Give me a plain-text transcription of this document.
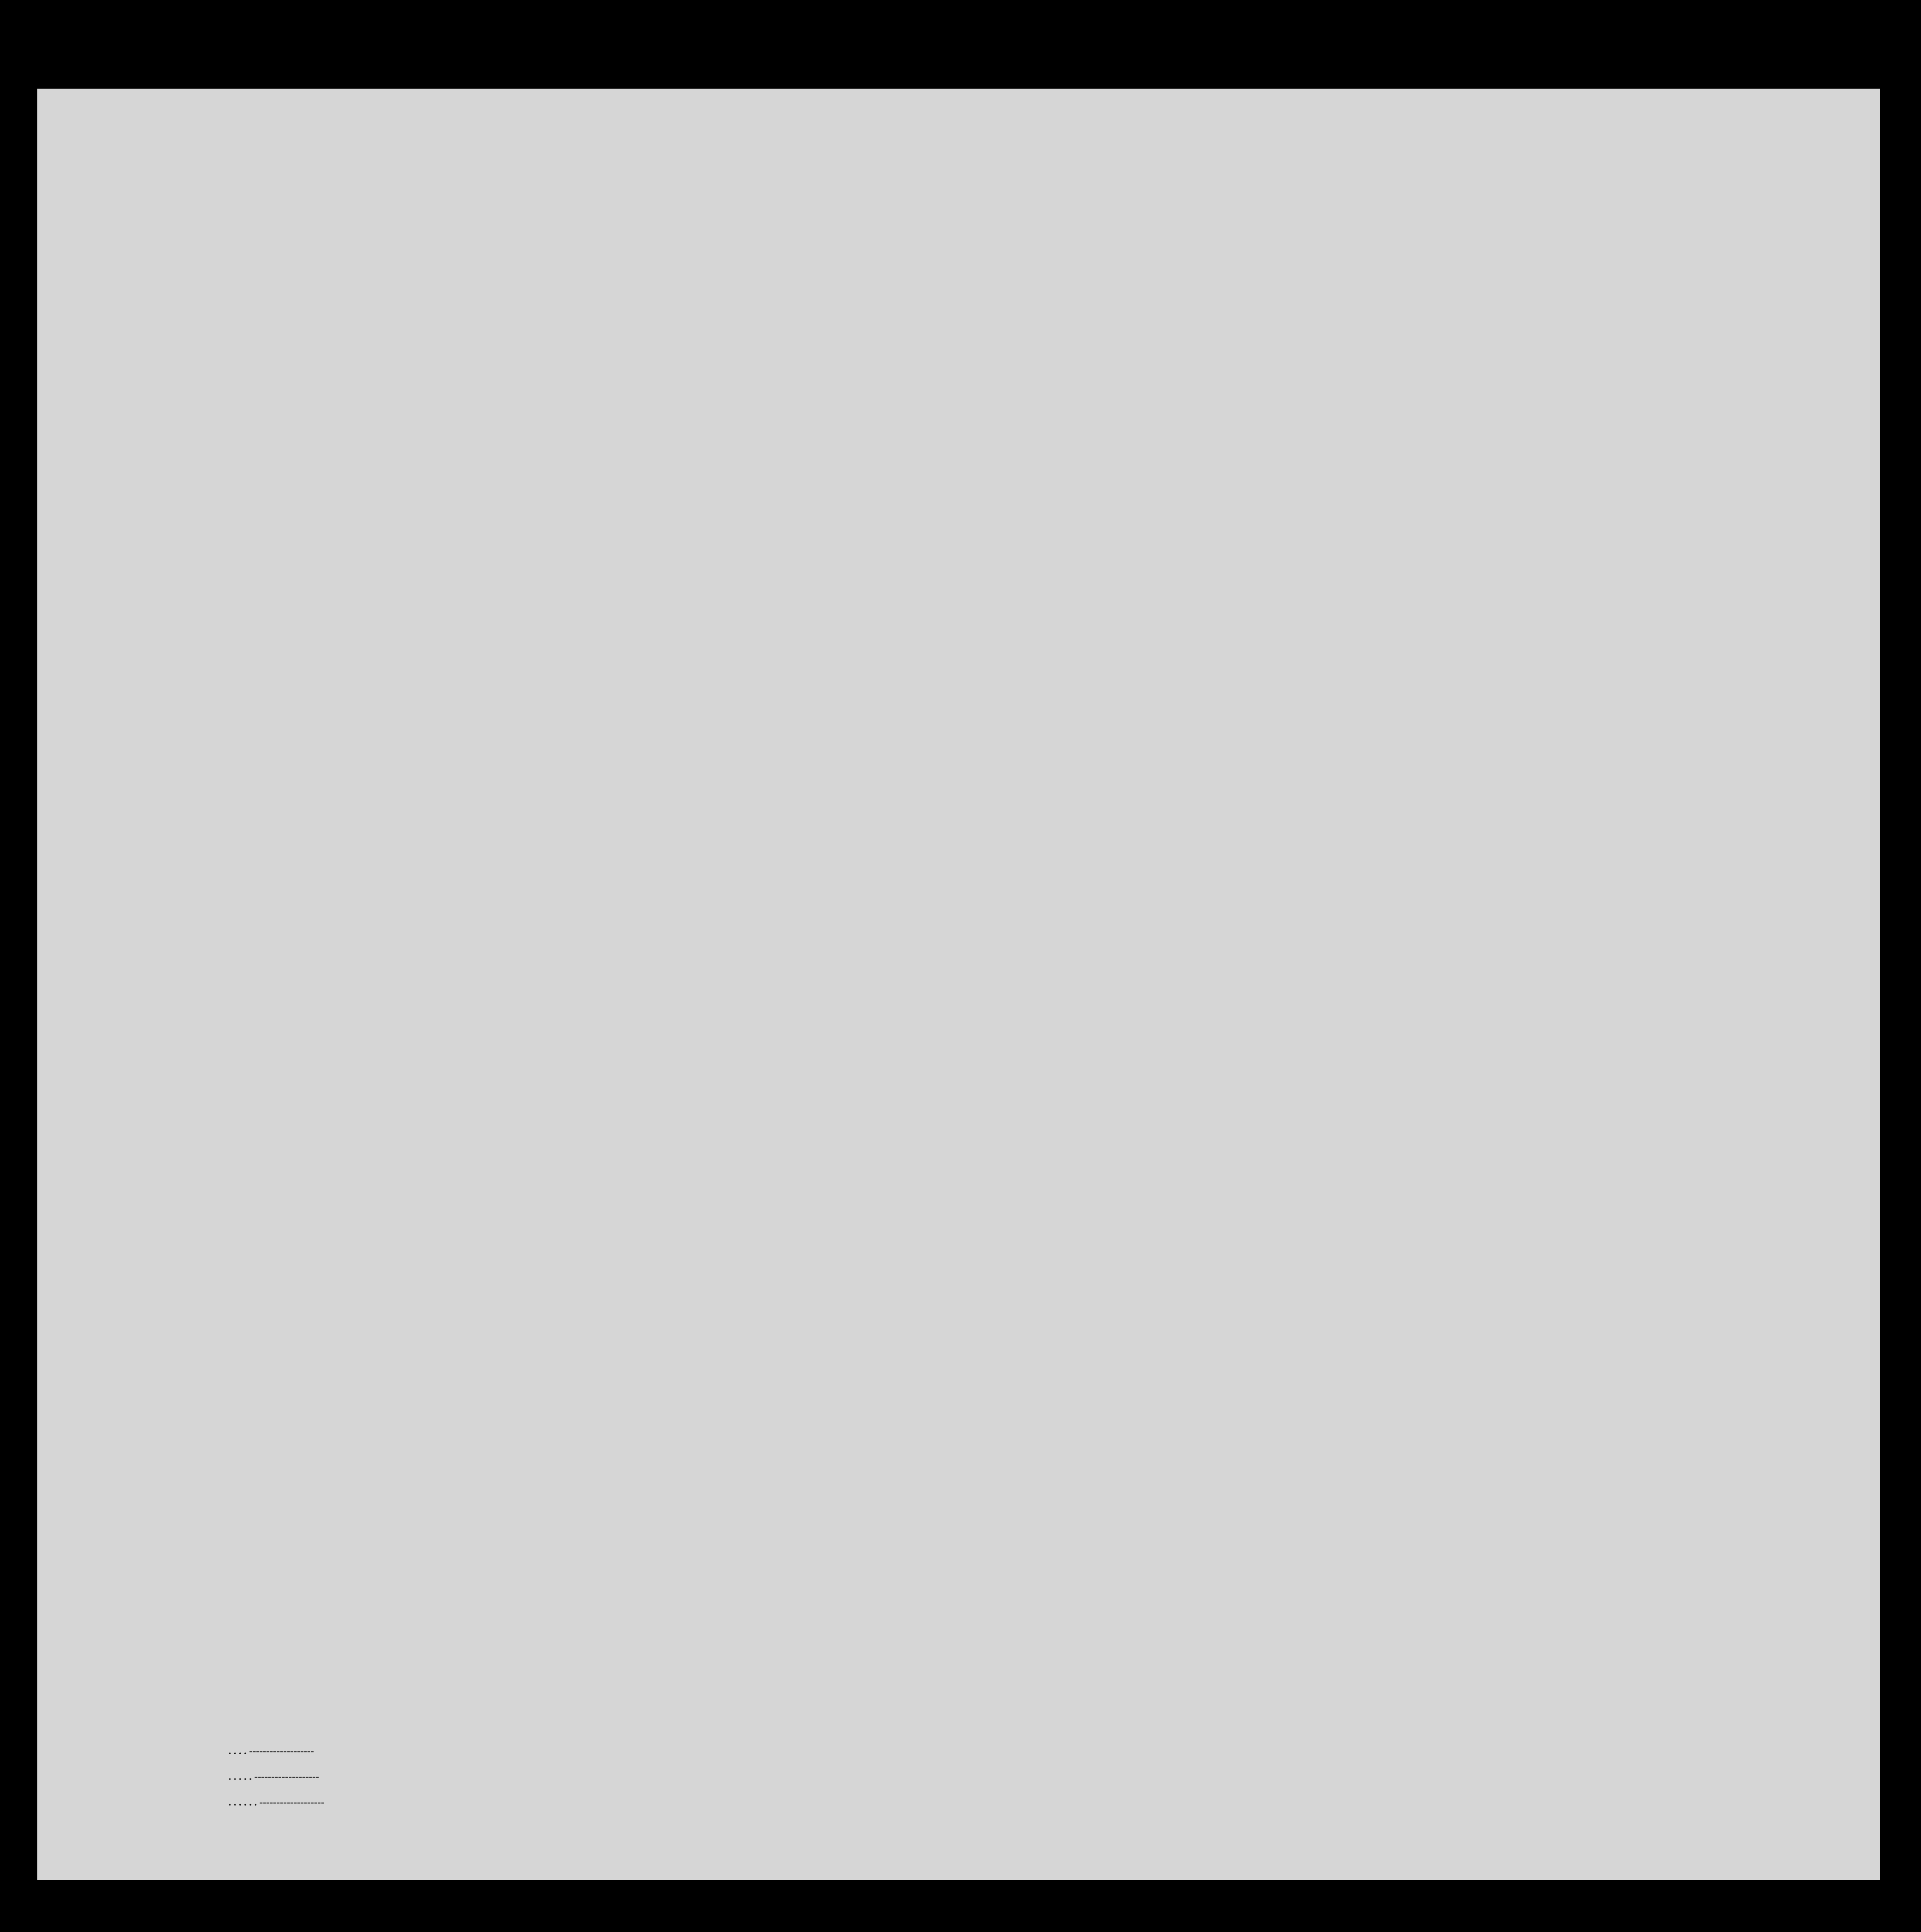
. . . . -------------------
. . . . . -------------------
. . . . . . -------------------
